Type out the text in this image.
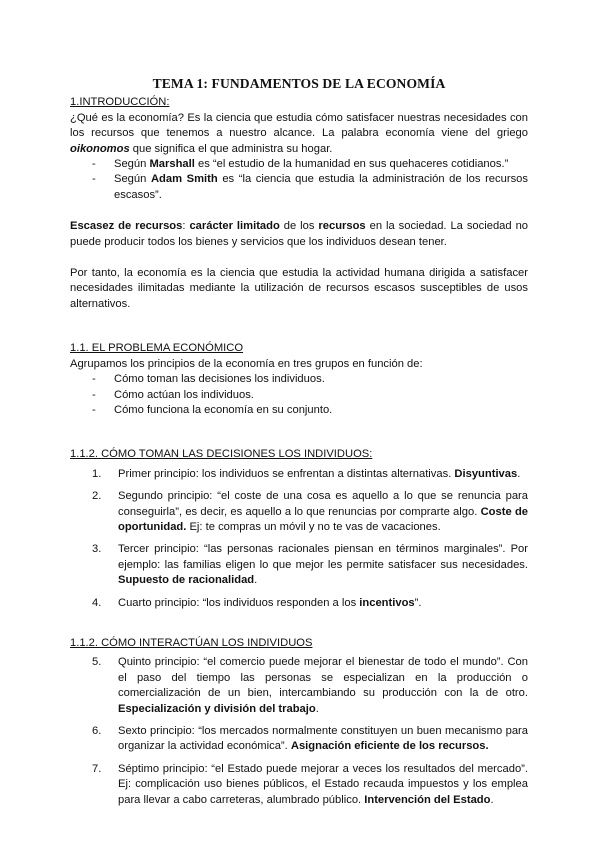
TEMA 1: FUNDAMENTOS DE LA ECONOMÍA
1.INTRODUCCIÓN:

¿Qué es la economía? Es la ciencia que estudia cómo satisfacer nuestras necesidades con los recursos que tenemos a nuestro alcance. La palabra economía viene del griego oikonomos que significa el que administra su hogar.

- Según Marshall es “el estudio de la humanidad en sus quehaceres cotidianos.”
- Según Adam Smith es “la ciencia que estudia la administración de los recursos escasos”.

Escasez de recursos: carácter limitado de los recursos en la sociedad. La sociedad no puede producir todos los bienes y servicios que los individuos desean tener.

Por tanto, la economía es la ciencia que estudia la actividad humana dirigida a satisfacer necesidades ilimitadas mediante la utilización de recursos escasos susceptibles de usos alternativos.

1.1. EL PROBLEMA ECONÓMICO

Agrupamos los principios de la economía en tres grupos en función de:

- Cómo toman las decisiones los individuos.
- Cómo actúan los individuos.
- Cómo funciona la economía en su conjunto.
1.1.2. CÓMO TOMAN LAS DECISIONES LOS INDIVIDUOS:
1. Primer principio: los individuos se enfrentan a distintas alternativas. Disyuntivas.
2. Segundo principio: “el coste de una cosa es aquello a lo que se renuncia para conseguirla”, es decir, es aquello a lo que renuncias por comprarte algo. Coste de oportunidad. Ej: te compras un móvil y no te vas de vacaciones.
3. Tercer principio: “las personas racionales piensan en términos marginales”. Por ejemplo: las familias eligen lo que mejor les permite satisfacer sus necesidades. Supuesto de racionalidad.
4. Cuarto principio: “los individuos responden a los incentivos”.
1.1.2. CÓMO INTERACTÚAN LOS INDIVIDUOS
5. Quinto principio: “el comercio puede mejorar el bienestar de todo el mundo”. Con el paso del tiempo las personas se especializan en la producción o comercialización de un bien, intercambiando su producción con la de otro. Especialización y división del trabajo.
6. Sexto principio: “los mercados normalmente constituyen un buen mecanismo para organizar la actividad económica”. Asignación eficiente de los recursos.
7. Séptimo principio: “el Estado puede mejorar a veces los resultados del mercado”. Ej: complicación uso bienes públicos, el Estado recauda impuestos y los emplea para llevar a cabo carreteras, alumbrado público. Intervención del Estado.
